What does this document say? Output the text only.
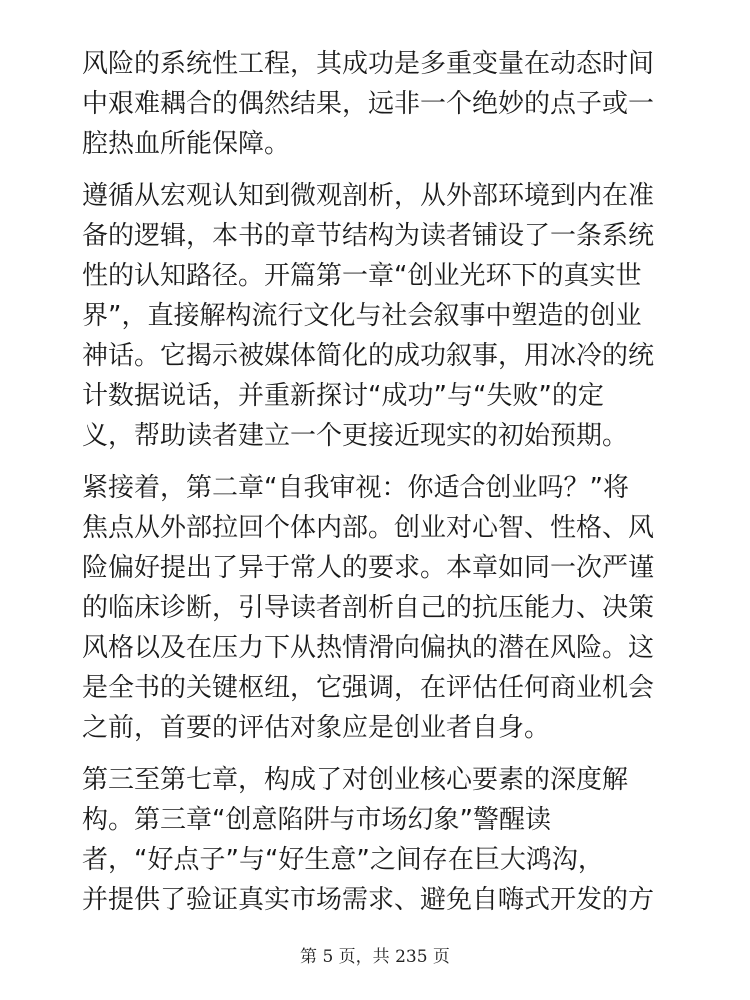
风险的系统性工程，其成功是多重变量在动态时间
中艰难耦合的偶然结果，远非一个绝妙的点子或一
腔热血所能保障。

遵循从宏观认知到微观剖析，从外部环境到内在准
备的逻辑，本书的章节结构为读者铺设了一条系统
性的认知路径。开篇第一章“创业光环下的真实世
界”，直接解构流行文化与社会叙事中塑造的创业
神话。它揭示被媒体简化的成功叙事，用冰冷的统
计数据说话，并重新探讨“成功”与“失败”的定
义，帮助读者建立一个更接近现实的初始预期。

紧接着，第二章“自我审视：你适合创业吗？”将
焦点从外部拉回个体内部。创业对心智、性格、风
险偏好提出了异于常人的要求。本章如同一次严谨
的临床诊断，引导读者剖析自己的抗压能力、决策
风格以及在压力下从热情滑向偏执的潜在风险。这
是全书的关键枢纽，它强调，在评估任何商业机会
之前，首要的评估对象应是创业者自身。

第三至第七章，构成了对创业核心要素的深度解
构。第三章“创意陷阱与市场幻象”警醒读
者，“好点子”与“好生意”之间存在巨大鸿沟，
并提供了验证真实市场需求、避免自嗨式开发的方

第 5 页，共 235 页
